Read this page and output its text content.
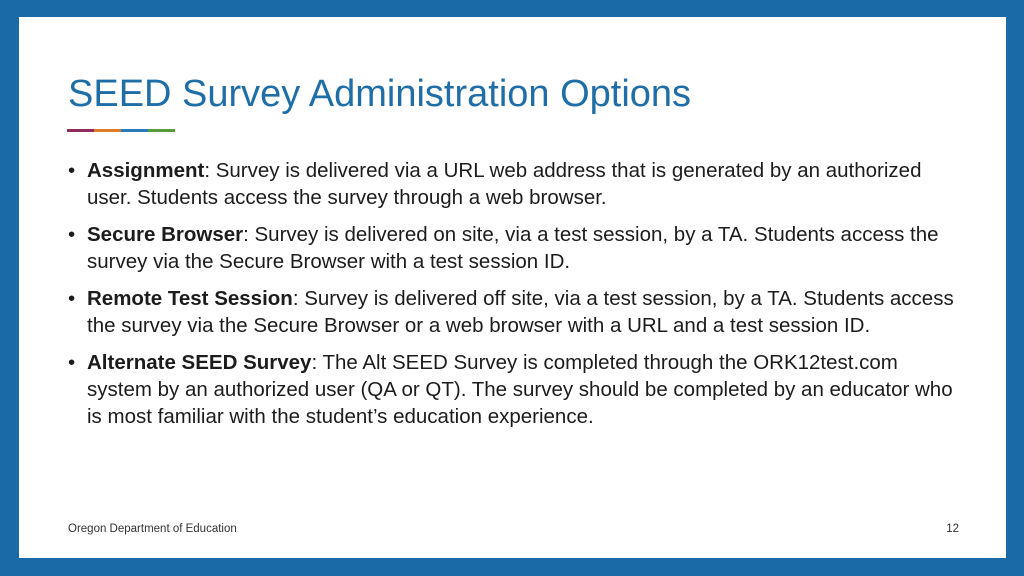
SEED Survey Administration Options
• Assignment: Survey is delivered via a URL web address that is generated by an authorized user. Students access the survey through a web browser.
• Secure Browser: Survey is delivered on site, via a test session, by a TA. Students access the survey via the Secure Browser with a test session ID.
• Remote Test Session: Survey is delivered off site, via a test session, by a TA. Students access the survey via the Secure Browser or a web browser with a URL and a test session ID.
• Alternate SEED Survey: The Alt SEED Survey is completed through the ORK12test.com system by an authorized user (QA or QT). The survey should be completed by an educator who is most familiar with the student’s education experience.
Oregon Department of Education	12
